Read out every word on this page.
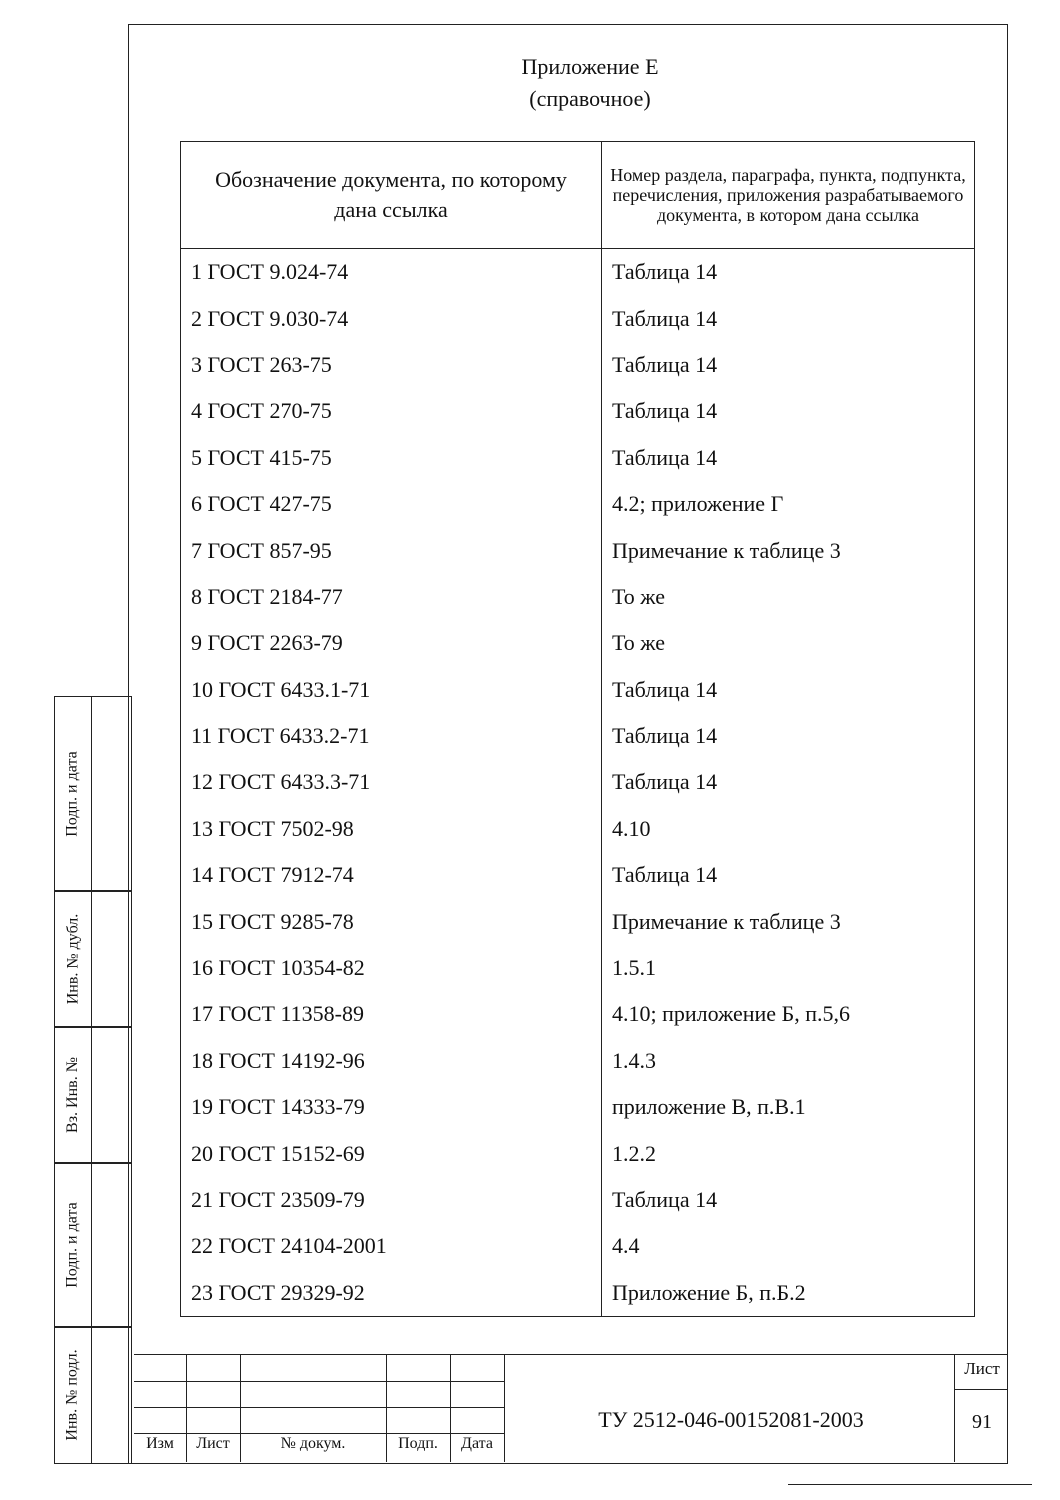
Приложение Е
(справочное)
Обозначение документа, по которому дана ссылка	Номер раздела, параграфа, пункта, подпункта, перечисления, приложения разрабатываемого документа, в котором дана ссылка
1 ГОСТ 9.024-74	Таблица 14
2 ГОСТ 9.030-74	Таблица 14
3 ГОСТ 263-75	Таблица 14
4 ГОСТ 270-75	Таблица 14
5 ГОСТ 415-75	Таблица 14
6 ГОСТ 427-75	4.2; приложение Г
7 ГОСТ 857-95	Примечание к таблице 3
8 ГОСТ 2184-77	То же
9 ГОСТ 2263-79	То же
10 ГОСТ 6433.1-71	Таблица 14
11 ГОСТ 6433.2-71	Таблица 14
12 ГОСТ 6433.3-71	Таблица 14
13 ГОСТ 7502-98	4.10
14 ГОСТ 7912-74	Таблица 14
15 ГОСТ 9285-78	Примечание к таблице 3
16 ГОСТ 10354-82	1.5.1
17 ГОСТ 11358-89	4.10; приложение Б, п.5,6
18 ГОСТ 14192-96	1.4.3
19 ГОСТ 14333-79	приложение В, п.В.1
20 ГОСТ 15152-69	1.2.2
21 ГОСТ 23509-79	Таблица 14
22 ГОСТ 24104-2001	4.4
23 ГОСТ 29329-92	Приложение Б, п.Б.2
Подп. и дата
Инв. № дубл.
Вз. Инв. №
Подп. и дата
Инв. № подл.
Изм	Лист	№ докум.	Подп.	Дата
ТУ 2512-046-00152081-2003
Лист
91
